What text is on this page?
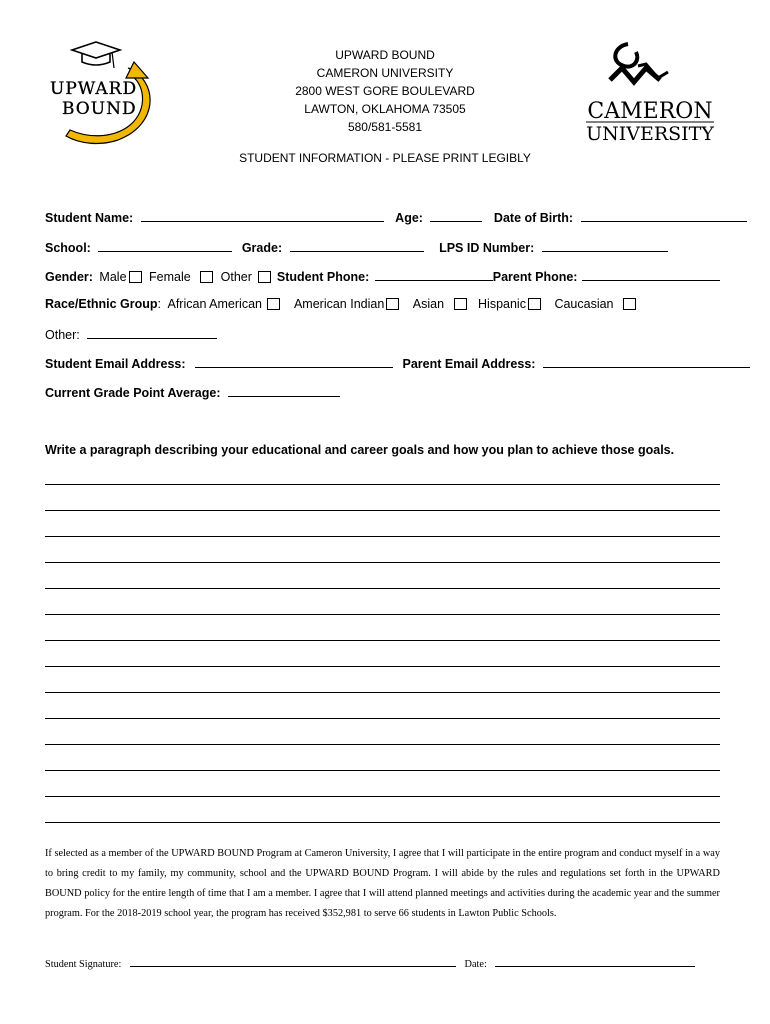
UPWARD
BOUND	CAMERON
UNIVERSITY
UPWARD BOUND
CAMERON UNIVERSITY
2800 WEST GORE BOULEVARD
LAWTON, OKLAHOMA 73505
580/581-5581
STUDENT INFORMATION - PLEASE PRINT LEGIBLY
Student Name:	Age:	Date of Birth:
School:	Grade:	LPS ID Number:
Gender: Male Female Other Student Phone:	Parent Phone:
Race/Ethnic Group: African American	American Indian Asian	Hispanic Caucasian
Other:
Student Email Address:	Parent Email Address:
Current Grade Point Average:
Write a paragraph describing your educational and career goals and how you plan to achieve those goals.
If selected as a member of the UPWARD BOUND Program at Cameron University, I agree that I will participate in the entire program and conduct myself in a way to bring credit to my family, my community, school and the UPWARD BOUND Program. I will abide by the rules and regulations set forth in the UPWARD BOUND policy for the entire length of time that I am a member. I agree that I will attend planned meetings and activities during the academic year and the summer program. For the 2018-2019 school year, the program has received $352,981 to serve 66 students in Lawton Public Schools.
Student Signature:	Date:
